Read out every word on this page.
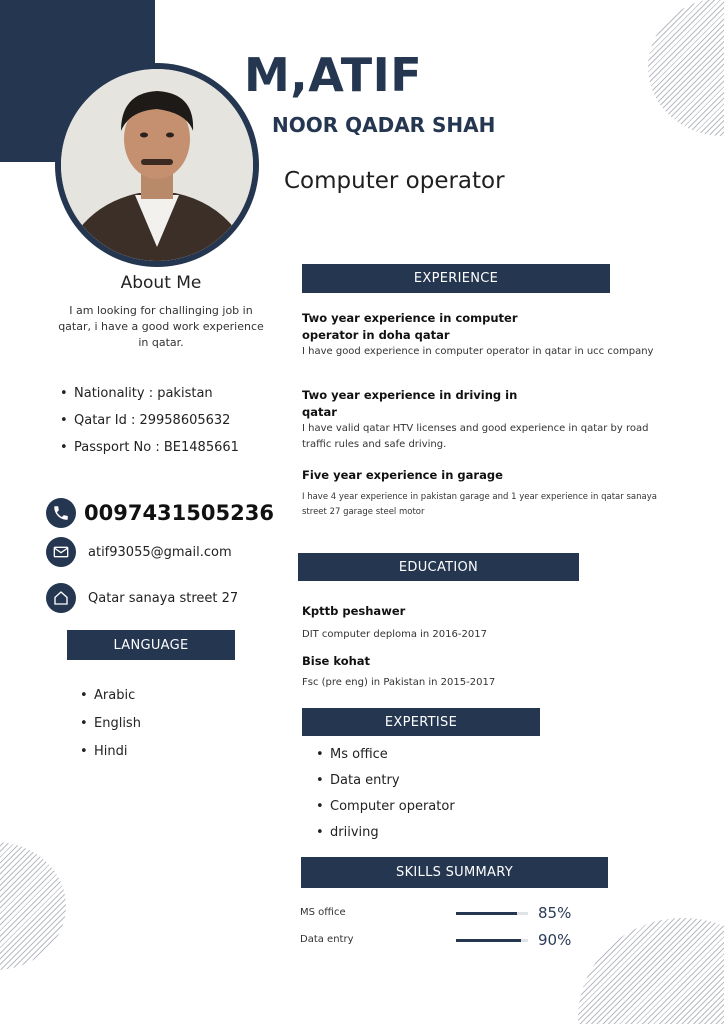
M,ATIF
NOOR QADAR SHAH
Computer operator
About Me
I am looking for challinging job in qatar, i have a good work experience in qatar.
• Nationality : pakistan
• Qatar Id : 29958605632
• Passport No : BE1485661
0097431505236
atif93055@gmail.com
Qatar sanaya street 27
LANGUAGE
• Arabic
• English
• Hindi
EXPERIENCE
Two year experience in computer operator in doha qatar
I have good experience in computer operator in qatar in ucc company
Two year experience in driving in qatar
I have valid qatar HTV licenses and good experience in qatar by road traffic rules and safe driving.
Five year experience in garage
I have 4 year experience in pakistan garage and 1 year experience in qatar sanaya street 27 garage steel motor
EDUCATION
Kpttb peshawer
DIT computer deploma in 2016-2017
Bise kohat
Fsc (pre eng) in Pakistan in 2015-2017
EXPERTISE
• Ms office
• Data entry
• Computer operator
• driiving
SKILLS SUMMARY
MS office	85%
Data entry	90%
